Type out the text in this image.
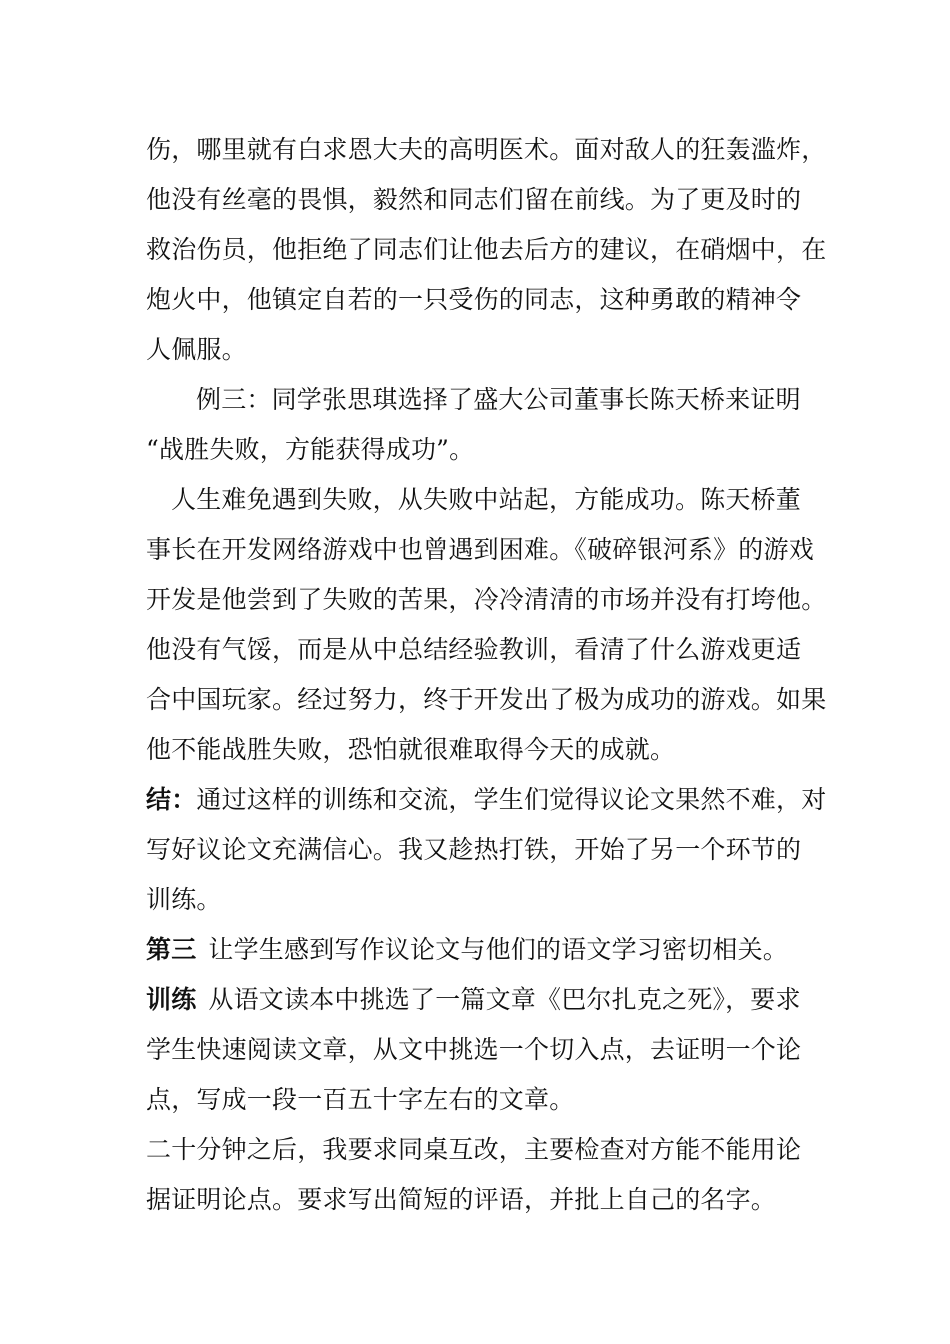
伤，哪里就有白求恩大夫的高明医术。面对敌人的狂轰滥炸，
他没有丝毫的畏惧，毅然和同志们留在前线。为了更及时的
救治伤员，他拒绝了同志们让他去后方的建议，在硝烟中，在
炮火中，他镇定自若的一只受伤的同志，这种勇敢的精神令
人佩服。
例三：同学张思琪选择了盛大公司董事长陈天桥来证明
“战胜失败，方能获得成功”。
人生难免遇到失败，从失败中站起，方能成功。陈天桥董
事长在开发网络游戏中也曾遇到困难。《破碎银河系》的游戏
开发是他尝到了失败的苦果，冷冷清清的市场并没有打垮他。
他没有气馁，而是从中总结经验教训，看清了什么游戏更适
合中国玩家。经过努力，终于开发出了极为成功的游戏。如果
他不能战胜失败，恐怕就很难取得今天的成就。
结：通过这样的训练和交流，学生们觉得议论文果然不难，对
写好议论文充满信心。我又趁热打铁，开始了另一个环节的
训练。
第三 让学生感到写作议论文与他们的语文学习密切相关。
训练 从语文读本中挑选了一篇文章《巴尔扎克之死》，要求
学生快速阅读文章，从文中挑选一个切入点，去证明一个论
点，写成一段一百五十字左右的文章。
二十分钟之后，我要求同桌互改，主要检查对方能不能用论
据证明论点。要求写出简短的评语，并批上自己的名字。
